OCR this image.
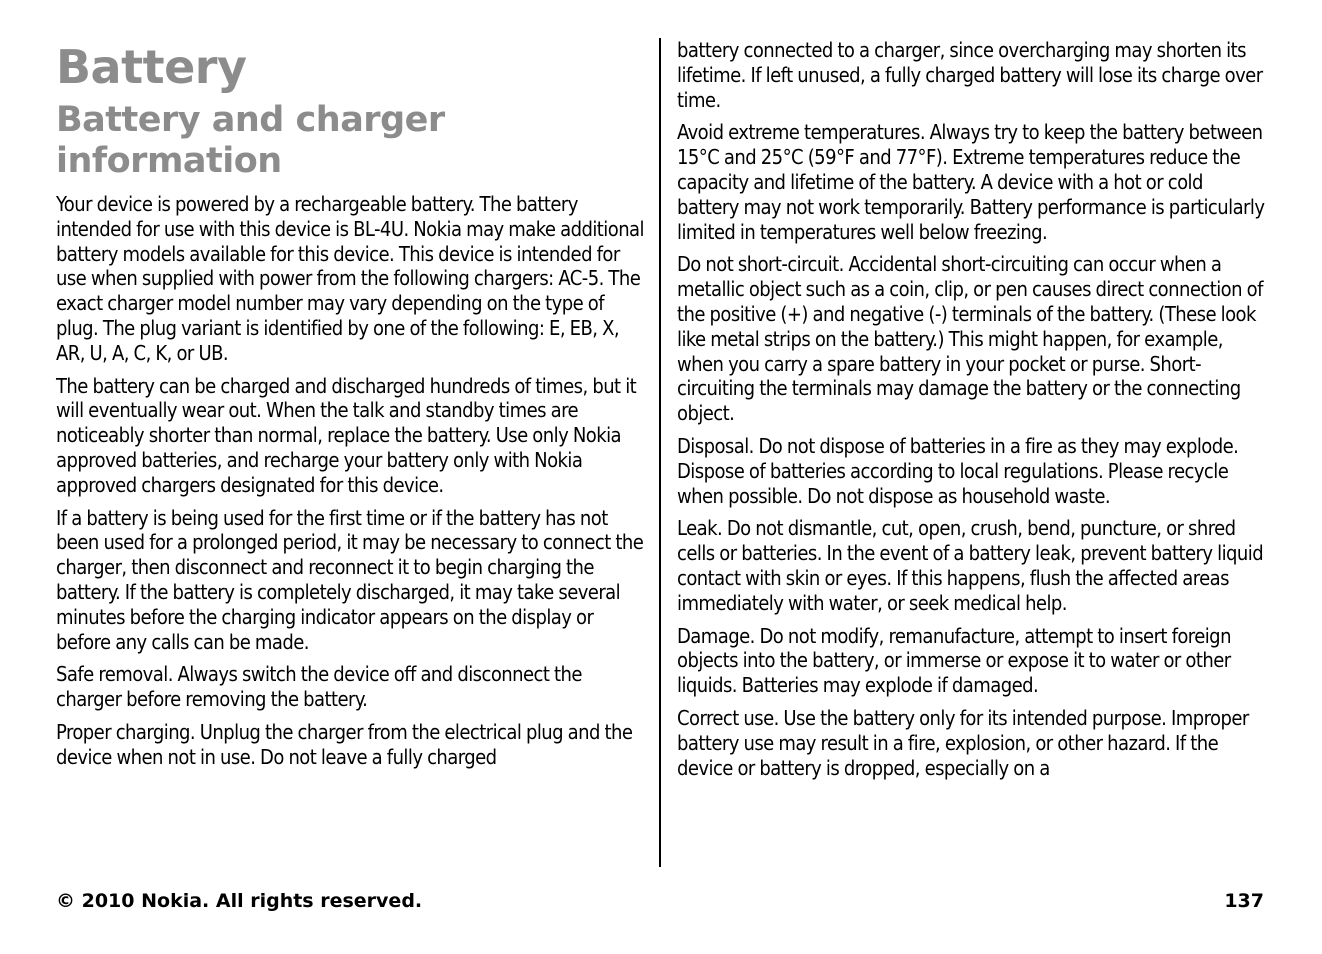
Battery
Battery and charger information

Your device is powered by a rechargeable battery. The battery intended for use with this device is BL-4U. Nokia may make additional battery models available for this device. This device is intended for use when supplied with power from the following chargers: AC-5. The exact charger model number may vary depending on the type of plug. The plug variant is identified by one of the following: E, EB, X, AR, U, A, C, K, or UB.

The battery can be charged and discharged hundreds of times, but it will eventually wear out. When the talk and standby times are noticeably shorter than normal, replace the battery. Use only Nokia approved batteries, and recharge your battery only with Nokia approved chargers designated for this device.

If a battery is being used for the first time or if the battery has not been used for a prolonged period, it may be necessary to connect the charger, then disconnect and reconnect it to begin charging the battery. If the battery is completely discharged, it may take several minutes before the charging indicator appears on the display or before any calls can be made.

Safe removal. Always switch the device off and disconnect the charger before removing the battery.

Proper charging. Unplug the charger from the electrical plug and the device when not in use. Do not leave a fully charged

battery connected to a charger, since overcharging may shorten its lifetime. If left unused, a fully charged battery will lose its charge over time.

Avoid extreme temperatures. Always try to keep the battery between 15°C and 25°C (59°F and 77°F). Extreme temperatures reduce the capacity and lifetime of the battery. A device with a hot or cold battery may not work temporarily. Battery performance is particularly limited in temperatures well below freezing.

Do not short-circuit. Accidental short-circuiting can occur when a metallic object such as a coin, clip, or pen causes direct connection of the positive (+) and negative (-) terminals of the battery. (These look like metal strips on the battery.) This might happen, for example, when you carry a spare battery in your pocket or purse. Short-circuiting the terminals may damage the battery or the connecting object.

Disposal. Do not dispose of batteries in a fire as they may explode. Dispose of batteries according to local regulations. Please recycle when possible. Do not dispose as household waste.

Leak. Do not dismantle, cut, open, crush, bend, puncture, or shred cells or batteries. In the event of a battery leak, prevent battery liquid contact with skin or eyes. If this happens, flush the affected areas immediately with water, or seek medical help.

Damage. Do not modify, remanufacture, attempt to insert foreign objects into the battery, or immerse or expose it to water or other liquids. Batteries may explode if damaged.

Correct use. Use the battery only for its intended purpose. Improper battery use may result in a fire, explosion, or other hazard. If the device or battery is dropped, especially on a

© 2010 Nokia. All rights reserved.	137
